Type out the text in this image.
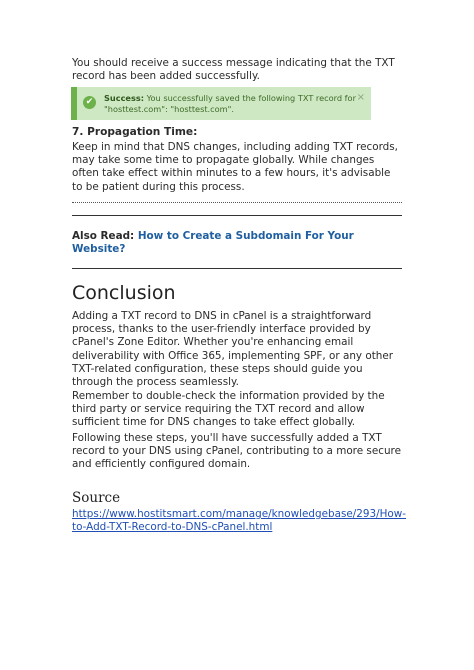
You should receive a success message indicating that the TXT record has been added successfully.

✔	Success: You successfully saved the following TXT record for "hosttest.com": "hosttest.com".
×

7. Propagation Time:

Keep in mind that DNS changes, including adding TXT records, may take some time to propagate globally. While changes often take effect within minutes to a few hours, it's advisable to be patient during this process.

Also Read: How to Create a Subdomain For Your Website?

Conclusion

Adding a TXT record to DNS in cPanel is a straightforward process, thanks to the user-friendly interface provided by cPanel's Zone Editor. Whether you're enhancing email deliverability with Office 365, implementing SPF, or any other TXT-related configuration, these steps should guide you through the process seamlessly.

Remember to double-check the information provided by the third party or service requiring the TXT record and allow sufficient time for DNS changes to take effect globally.

Following these steps, you'll have successfully added a TXT record to your DNS using cPanel, contributing to a more secure and efficiently configured domain.

Source

https://www.hostitsmart.com/manage/knowledgebase/293/How-to-Add-TXT-Record-to-DNS-cPanel.html
